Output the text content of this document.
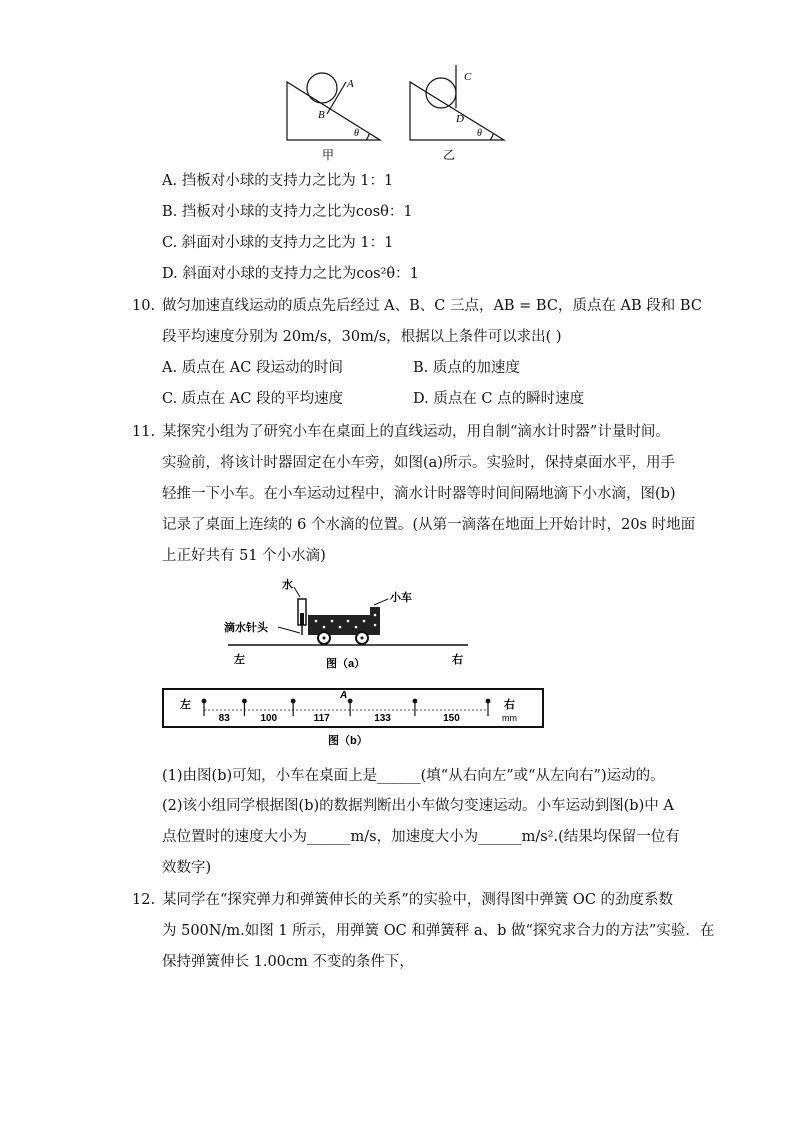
A
B
θ
甲
C
D
θ
乙
A. 挡板对小球的支持力之比为 1：1
B. 挡板对小球的支持力之比为cosθ：1
C. 斜面对小球的支持力之比为 1：1
D. 斜面对小球的支持力之比为cos²θ：1
10. 做匀加速直线运动的质点先后经过 A、B、C 三点，AB = BC，质点在 AB 段和 BC
段平均速度分别为 20m/s，30m/s，根据以上条件可以求出( )
A. 质点在 AC 段运动的时间	B. 质点的加速度
C. 质点在 AC 段的平均速度	D. 质点在 C 点的瞬时速度
11. 某探究小组为了研究小车在桌面上的直线运动，用自制“滴水计时器”计量时间。
实验前，将该计时器固定在小车旁，如图(a)所示。实验时，保持桌面水平，用手
轻推一下小车。在小车运动过程中，滴水计时器等时间间隔地滴下小水滴，图(b)
记录了桌面上连续的 6 个水滴的位置。(从第一滴落在地面上开始计时，20s 时地面
上正好共有 51 个小水滴)
水
滴水针头
小车
左	右
图（a）
左	右
mm
A
图（b）
83	100	117	133	150
(1)由图(b)可知，小车在桌面上是______(填“从右向左”或“从左向右”)运动的。
(2)该小组同学根据图(b)的数据判断出小车做匀变速运动。小车运动到图(b)中 A
点位置时的速度大小为______m/s，加速度大小为______m/s².(结果均保留一位有
效数字)
12. 某同学在“探究弹力和弹簧伸长的关系”的实验中，测得图中弹簧 OC 的劲度系数
为 500N/m.如图 1 所示，用弹簧 OC 和弹簧秤 a、b 做“探究求合力的方法”实验．在
保持弹簧伸长 1.00cm 不变的条件下，
